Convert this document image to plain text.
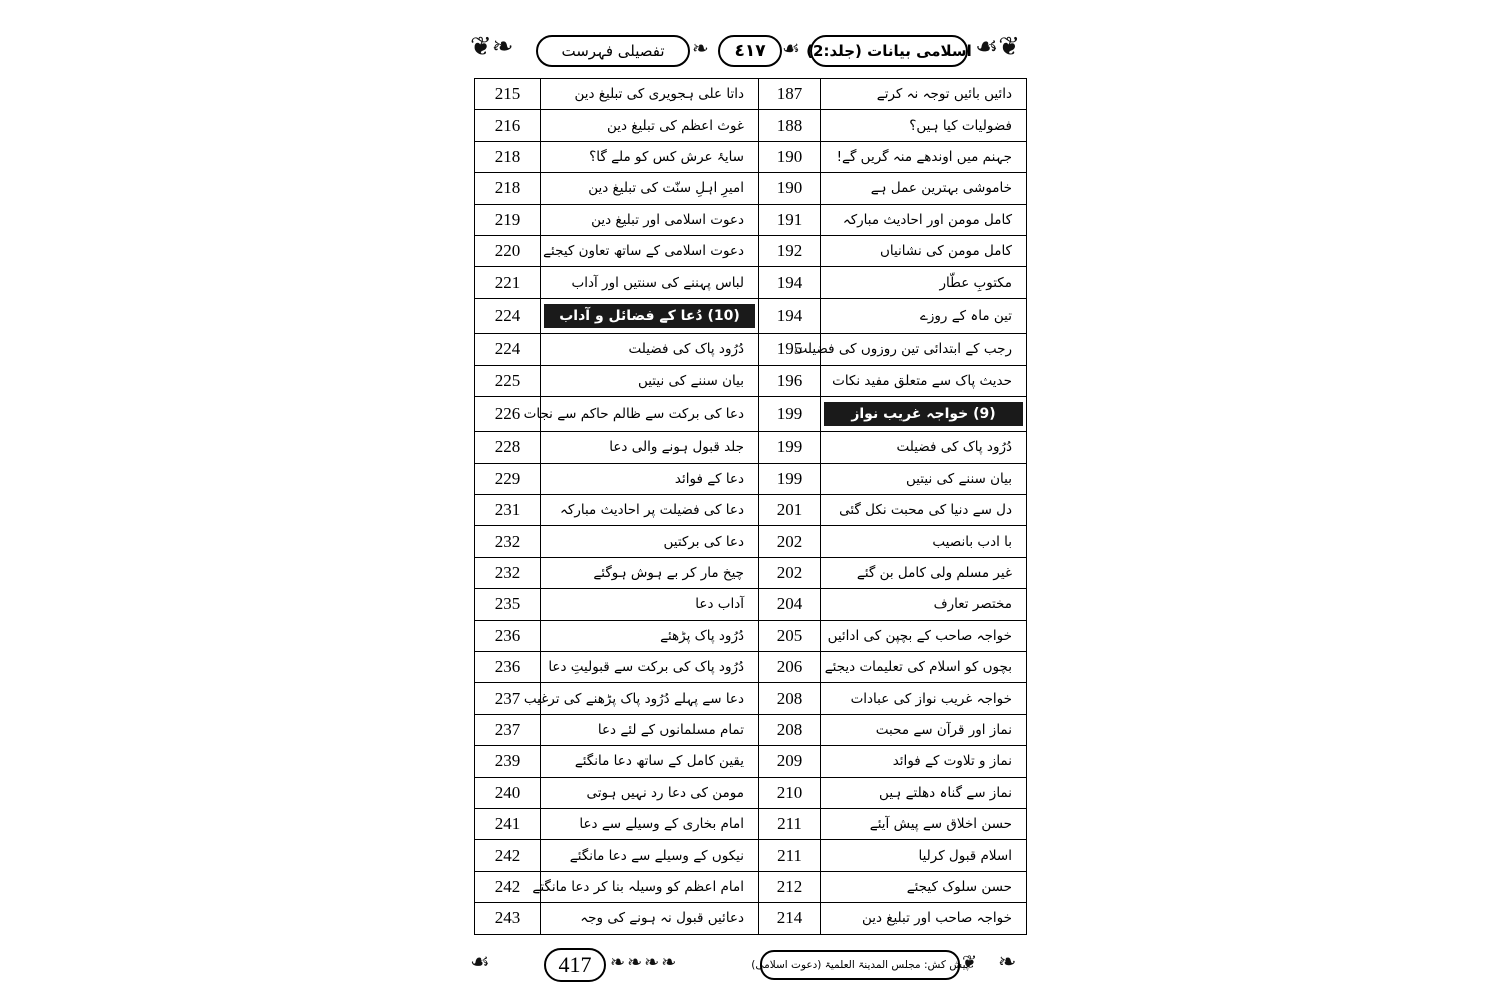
❦❧	تفصیلی فہرست ❧ ٤١٧ ☙ اسلامی بیانات (جلد:2) ☙❦
215	داتا علی ہجویری کی تبلیغ دین	187	دائیں بائیں توجہ نہ کرتے
216	غوث اعظم کی تبلیغ دین	188	فضولیات کیا ہیں؟
218	سایۂ عرش کس کو ملے گا؟	190	جہنم میں اوندھے منہ گریں گے!
218	امیرِ اہلِ سنّت کی تبلیغ دین	190	خاموشی بہترین عمل ہے
219	دعوت اسلامی اور تبلیغ دین	191	کامل مومن اور احادیث مبارکہ
220	دعوت اسلامی کے ساتھ تعاون کیجئے	192	کامل مومن کی نشانیاں
221	لباس پہننے کی سنتیں اور آداب	194	مکتوبِ عطّار
224	(10) دُعا کے فضائل و آداب	194	تین ماہ کے روزے
224	دُرُود پاک کی فضیلت	195	رجب کے ابتدائی تین روزوں کی فضیلت
225	بیان سننے کی نیتیں	196	حدیث پاک سے متعلق مفید نکات
226	دعا کی برکت سے ظالم حاکم سے نجات	199	(9) خواجہ غریب نواز

228	جلد قبول ہونے والی دعا	199	دُرُود پاک کی فضیلت
229	دعا کے فوائد	199	بیان سننے کی نیتیں
231	دعا کی فضیلت پر احادیث مبارکہ	201	دل سے دنیا کی محبت نکل گئی
232	دعا کی برکتیں	202	با ادب بانصیب
232	چیخ مار کر بے ہوش ہوگئے	202	غیر مسلم ولی کامل بن گئے
235	آداب دعا	204	مختصر تعارف
236	دُرُود پاک پڑھئے	205	خواجہ صاحب کے بچپن کی ادائیں
236	دُرُود پاک کی برکت سے قبولیتِ دعا	206	بچوں کو اسلام کی تعلیمات دیجئے
237	دعا سے پہلے دُرُود پاک پڑھنے کی ترغیب	208	خواجہ غریب نواز کی عبادات
237	تمام مسلمانوں کے لئے دعا	208	نماز اور قرآن سے محبت
239	یقین کامل کے ساتھ دعا مانگئے	209	نماز و تلاوت کے فوائد
240	مومن کی دعا رد نہیں ہوتی	210	نماز سے گناہ دھلتے ہیں
241	امام بخاری کے وسیلے سے دعا	211	حسن اخلاق سے پیش آیئے
242	نیکوں کے وسیلے سے دعا مانگئے	211	اسلام قبول کرلیا
242	امام اعظم کو وسیلہ بنا کر دعا مانگتے	212	حسن سلوک کیجئے
243	دعائیں قبول نہ ہونے کی وجہ	214	خواجہ صاحب اور تبلیغ دین
☙	417 ❧❧❧❧	پیش کش: مجلس المدینۃ العلمیۃ (دعوت اسلامی)
❦ ❧
